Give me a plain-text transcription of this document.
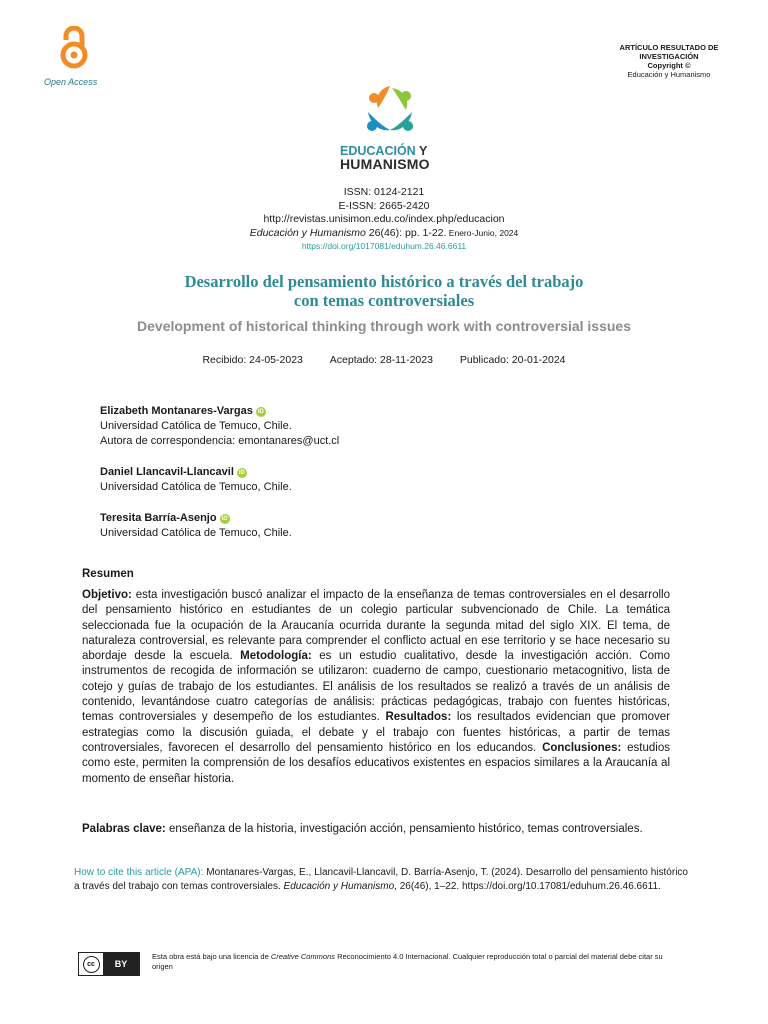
Open Access
ARTÍCULO RESULTADO DE
INVESTIGACIÓN
Copyright ©
Educación y Humanismo
EDUCACIÓN Y
HUMANISMO
ISSN: 0124-2121
E-ISSN: 2665-2420
http://revistas.unisimon.edu.co/index.php/educacion
Educación y Humanismo 26(46): pp. 1-22. Enero-Junio, 2024
https://doi.org/1017081/eduhum.26.46.6611
Desarrollo del pensamiento histórico a través del trabajo
con temas controversiales
Development of historical thinking through work with controversial issues
Recibido: 24-05-2023	Aceptado: 28-11-2023	Publicado: 20-01-2024
Elizabeth Montanares-Vargas iD
Universidad Católica de Temuco, Chile.
Autora de correspondencia: emontanares@uct.cl
Daniel Llancavil-Llancavil iD
Universidad Católica de Temuco, Chile.
Teresita Barría-Asenjo iD
Universidad Católica de Temuco, Chile.
Resumen
Objetivo: esta investigación buscó analizar el impacto de la enseñanza de temas controversiales en el desarrollo del pensamiento histórico en estudiantes de un colegio particular subvencionado de Chile. La temática seleccionada fue la ocupación de la Araucanía ocurrida durante la segunda mitad del siglo XIX. El tema, de naturaleza controversial, es relevante para comprender el conflicto actual en ese territorio y se hace necesario su abordaje desde la escuela. Metodología: es un estudio cualitativo, desde la investigación acción. Como instrumentos de recogida de información se utilizaron: cuaderno de campo, cuestionario metacognitivo, lista de cotejo y guías de trabajo de los estudiantes. El análisis de los resultados se realizó a través de un análisis de contenido, levantándose cuatro categorías de análisis: prácticas pedagógicas, trabajo con fuentes históricas, temas controversiales y desempeño de los estudiantes. Resultados: los resultados evidencian que promover estrategias como la discusión guiada, el debate y el trabajo con fuentes históricas, a partir de temas controversiales, favorecen el desarrollo del pensamiento histórico en los educandos. Conclusiones: estudios como este, permiten la comprensión de los desafíos educativos existentes en espacios similares a la Araucanía al momento de enseñar historia.
Palabras clave: enseñanza de la historia, investigación acción, pensamiento histórico, temas controversiales.
How to cite this article (APA): Montanares-Vargas, E., Llancavil-Llancavil, D. Barría-Asenjo, T. (2024). Desarrollo del pensamiento histórico a través del trabajo con temas controversiales. Educación y Humanismo, 26(46), 1–22. https://doi.org/10.17081/eduhum.26.46.6611.
cc	BY
Esta obra está bajo una licencia de Creative Commons Reconocimiento 4.0 Internacional. Cualquier reproducción total o parcial del material debe citar su origen
